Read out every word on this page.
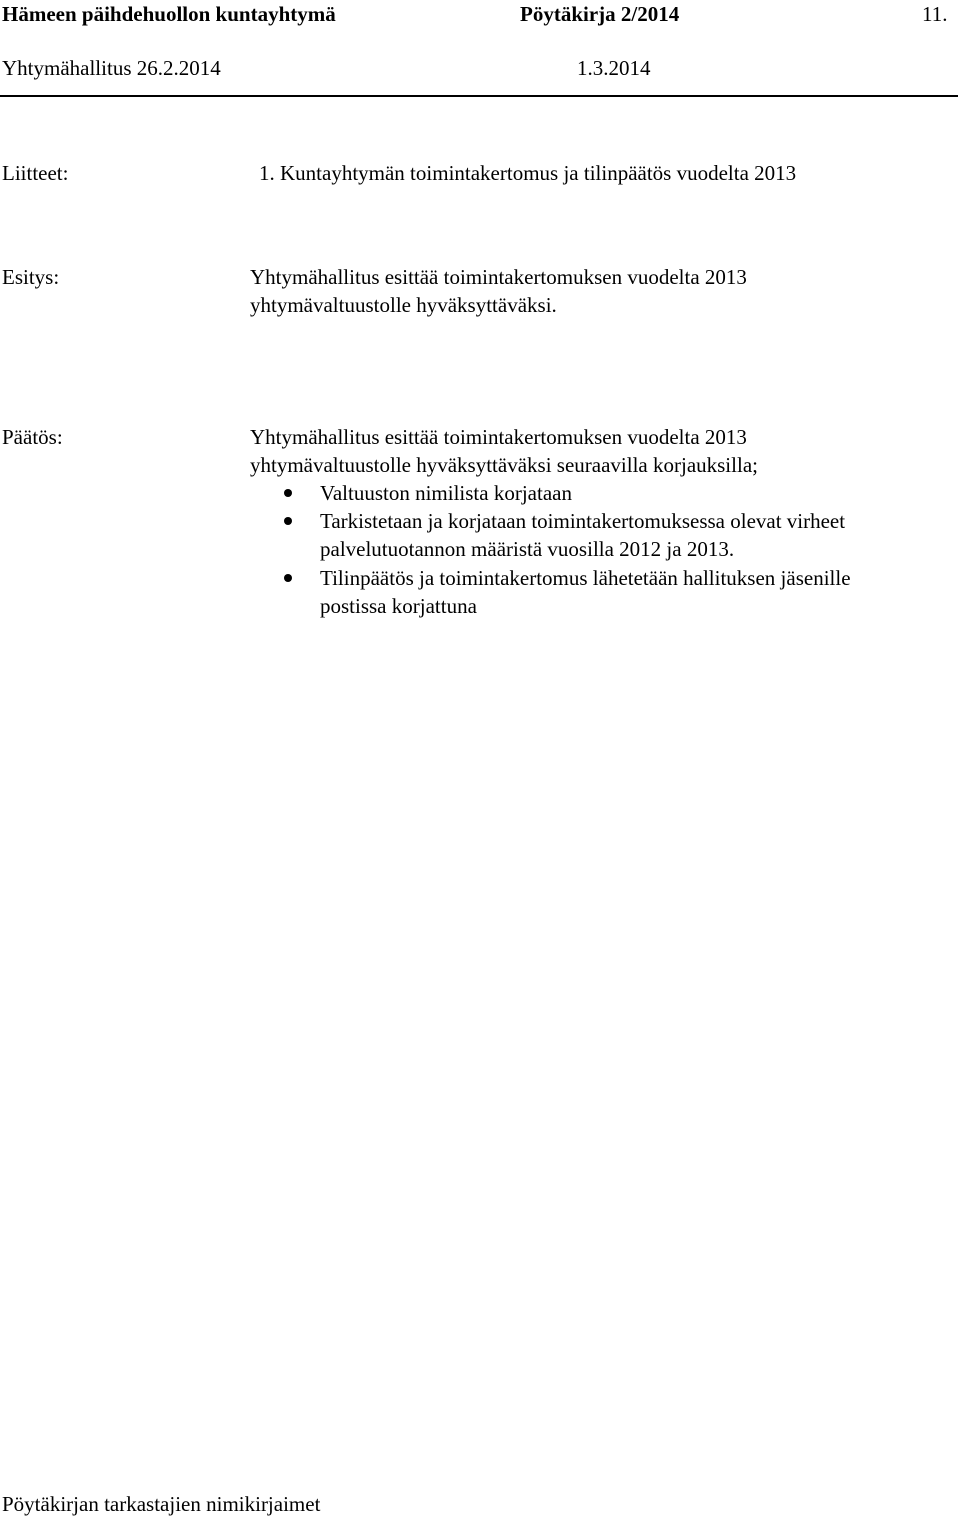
Hämeen päihdehuollon kuntayhtymä	Pöytäkirja 2/2014	11.
Yhtymähallitus 26.2.2014	1.3.2014
Liitteet:	1. Kuntayhtymän toimintakertomus ja tilinpäätös vuodelta 2013
Esitys:	Yhtymähallitus esittää toimintakertomuksen vuodelta 2013
yhtymävaltuustolle hyväksyttäväksi.
Päätös:	Yhtymähallitus esittää toimintakertomuksen vuodelta 2013
yhtymävaltuustolle hyväksyttäväksi seuraavilla korjauksilla;
Valtuuston nimilista korjataan
Tarkistetaan ja korjataan toimintakertomuksessa olevat virheet
palvelutuotannon määristä vuosilla 2012 ja 2013.
Tilinpäätös ja toimintakertomus lähetetään hallituksen jäsenille
postissa korjattuna
Pöytäkirjan tarkastajien nimikirjaimet
